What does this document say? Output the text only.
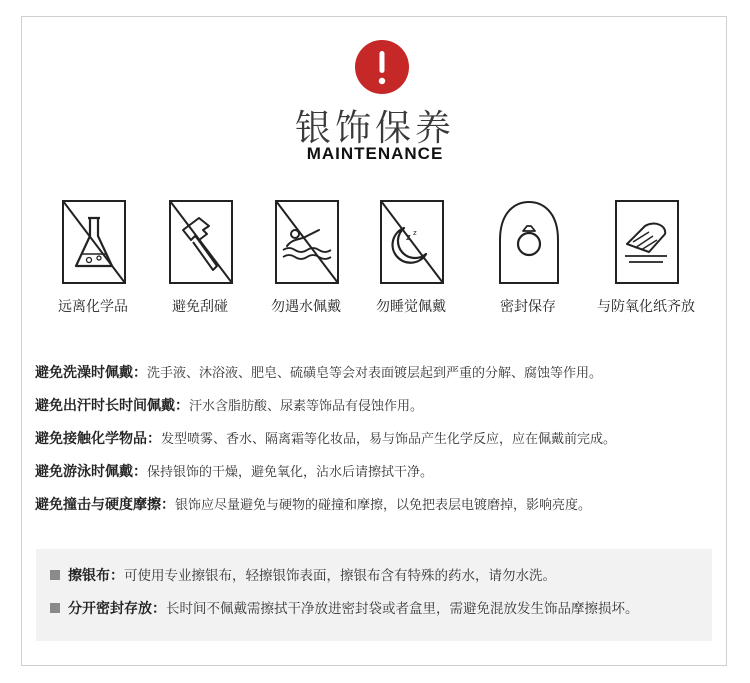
银饰保养
MAINTENANCE
远离化学品	避免刮碰	勿遇水佩戴
z z
勿睡觉佩戴	密封保存	与防氧化纸齐放
避免洗澡时佩戴：洗手液、沐浴液、肥皂、硫磺皂等会对表面镀层起到严重的分解、腐蚀等作用。
避免出汗时长时间佩戴：汗水含脂肪酸、尿素等饰品有侵蚀作用。
避免接触化学物品：发型喷雾、香水、隔离霜等化妆品，易与饰品产生化学反应，应在佩戴前完成。
避免游泳时佩戴：保持银饰的干燥，避免氧化，沾水后请擦拭干净。
避免撞击与硬度摩擦：银饰应尽量避免与硬物的碰撞和摩擦，以免把表层电镀磨掉，影响亮度。
擦银布：可使用专业擦银布，轻擦银饰表面，擦银布含有特殊的药水，请勿水洗。
分开密封存放：长时间不佩戴需擦拭干净放进密封袋或者盒里，需避免混放发生饰品摩擦损坏。
